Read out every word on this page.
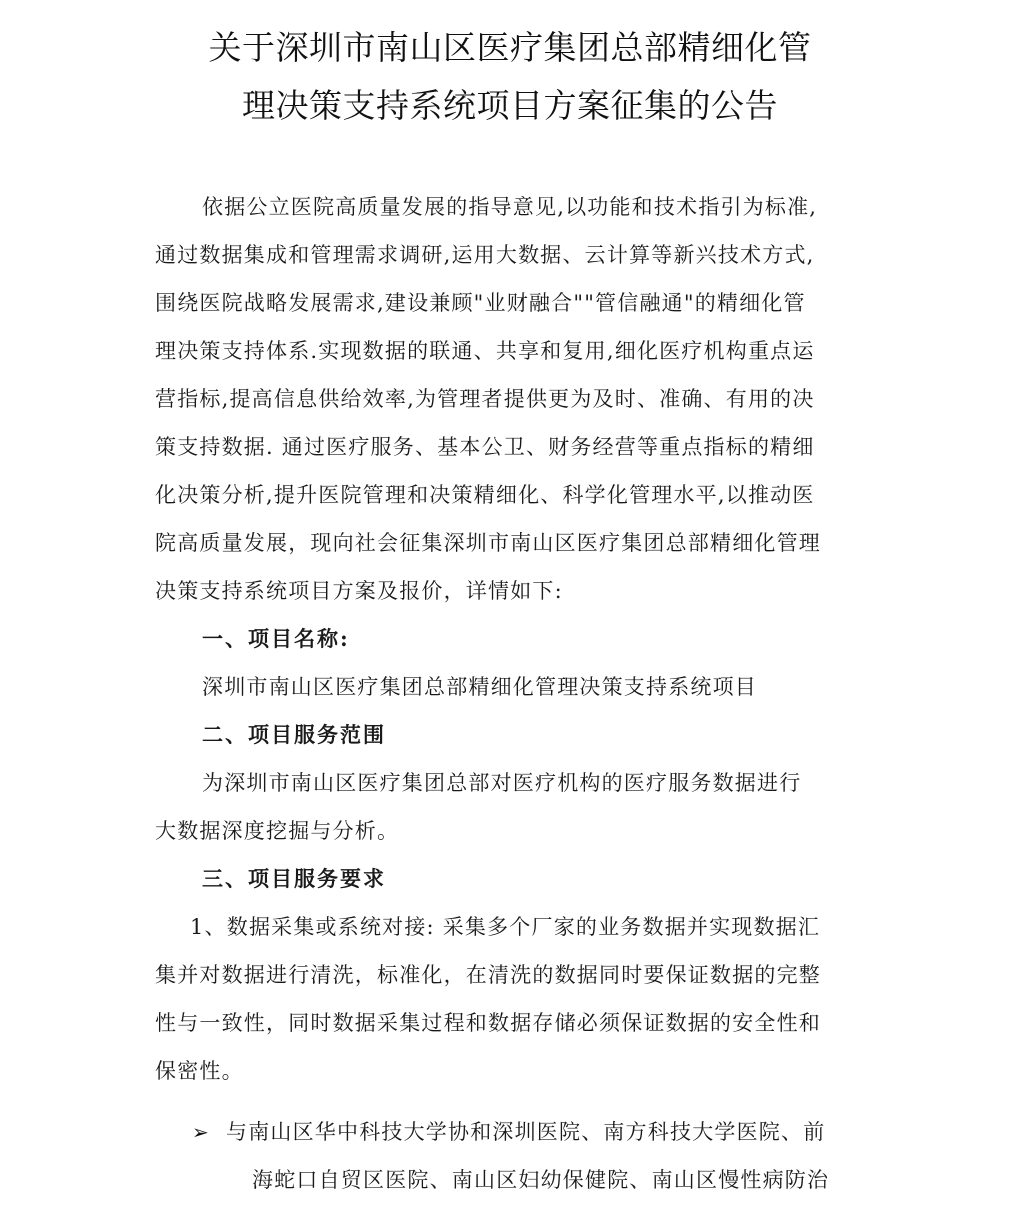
关于深圳市南山区医疗集团总部精细化管
理决策支持系统项目方案征集的公告
依据公立医院高质量发展的指导意见,以功能和技术指引为标准,
通过数据集成和管理需求调研,运用大数据、云计算等新兴技术方式,
围绕医院战略发展需求,建设兼顾"业财融合""管信融通"的精细化管
理决策支持体系.实现数据的联通、共享和复用,细化医疗机构重点运
营指标,提高信息供给效率,为管理者提供更为及时、准确、有用的决
策支持数据. 通过医疗服务、基本公卫、财务经营等重点指标的精细
化决策分析,提升医院管理和决策精细化、科学化管理水平,以推动医
院高质量发展，现向社会征集深圳市南山区医疗集团总部精细化管理
决策支持系统项目方案及报价，详情如下:
一、项目名称:
深圳市南山区医疗集团总部精细化管理决策支持系统项目
二、项目服务范围
为深圳市南山区医疗集团总部对医疗机构的医疗服务数据进行
大数据深度挖掘与分析。
三、项目服务要求
1、数据采集或系统对接: 采集多个厂家的业务数据并实现数据汇
集并对数据进行清洗，标准化，在清洗的数据同时要保证数据的完整
性与一致性，同时数据采集过程和数据存储必须保证数据的安全性和
保密性。
➢ 与南山区华中科技大学协和深圳医院、南方科技大学医院、前
海蛇口自贸区医院、南山区妇幼保健院、南山区慢性病防治
